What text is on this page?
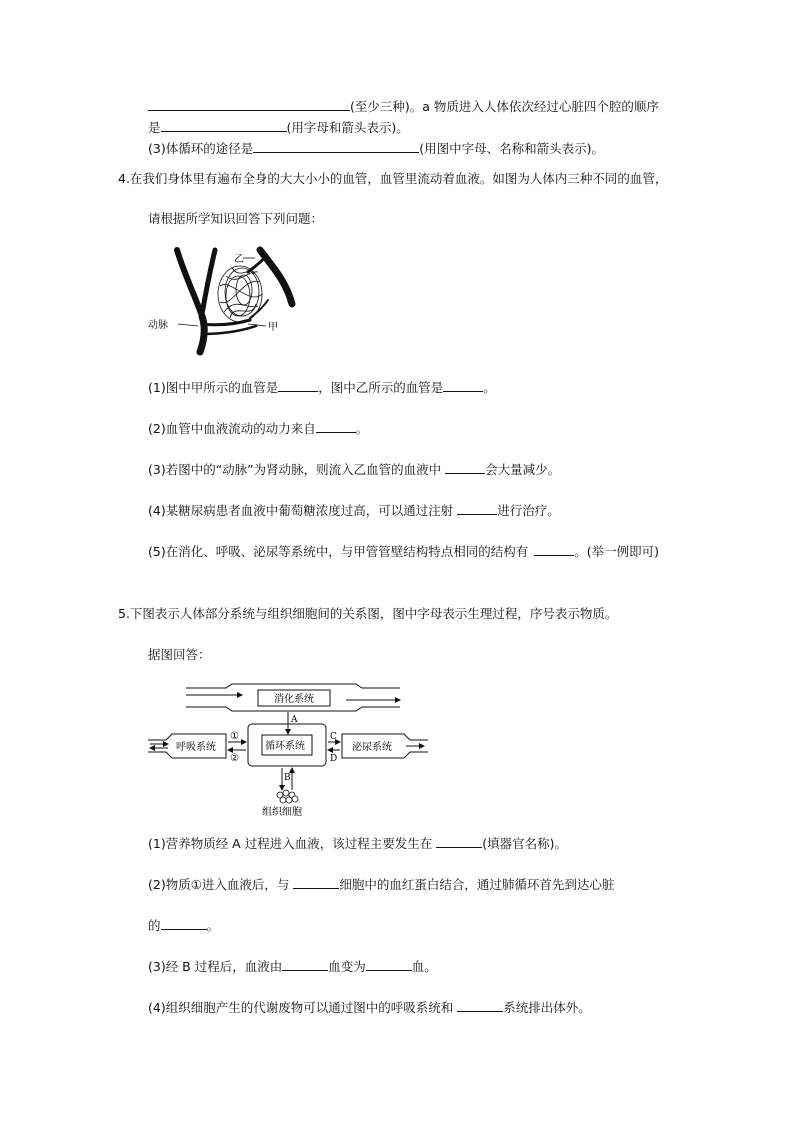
(至少三种)。a 物质进入人体依次经过心脏四个腔的顺序
是	(用字母和箭头表示)。
(3)体循环的途径是	(用图中字母、名称和箭头表示)。
4.在我们身体里有遍布全身的大大小小的血管，血管里流动着血液。如图为人体内三种不同的血管，
请根据所学知识回答下列问题：
乙
动脉	甲
(1)图中甲所示的血管是	，图中乙所示的血管是	。
(2)血管中血液流动的动力来自	。
(3)若图中的“动脉”为肾动脉，则流入乙血管的血液中	会大量减少。
(4)某糖尿病患者血液中葡萄糖浓度过高，可以通过注射	进行治疗。
(5)在消化、呼吸、泌尿等系统中，与甲管管壁结构特点相同的结构有	。(举一例即可)
5.下图表示人体部分系统与组织细胞间的关系图，图中字母表示生理过程，序号表示物质。
据图回答：
消化系统
呼吸系统	循环系统	泌尿系统
组织细胞
A
B
C
D
①
②
(1)营养物质经 A 过程进入血液，该过程主要发生在	(填器官名称)。
(2)物质①进入血液后，与	细胞中的血红蛋白结合，通过肺循环首先到达心脏
的	。
(3)经 B 过程后，血液由	血变为	血。
(4)组织细胞产生的代谢废物可以通过图中的呼吸系统和	系统排出体外。
